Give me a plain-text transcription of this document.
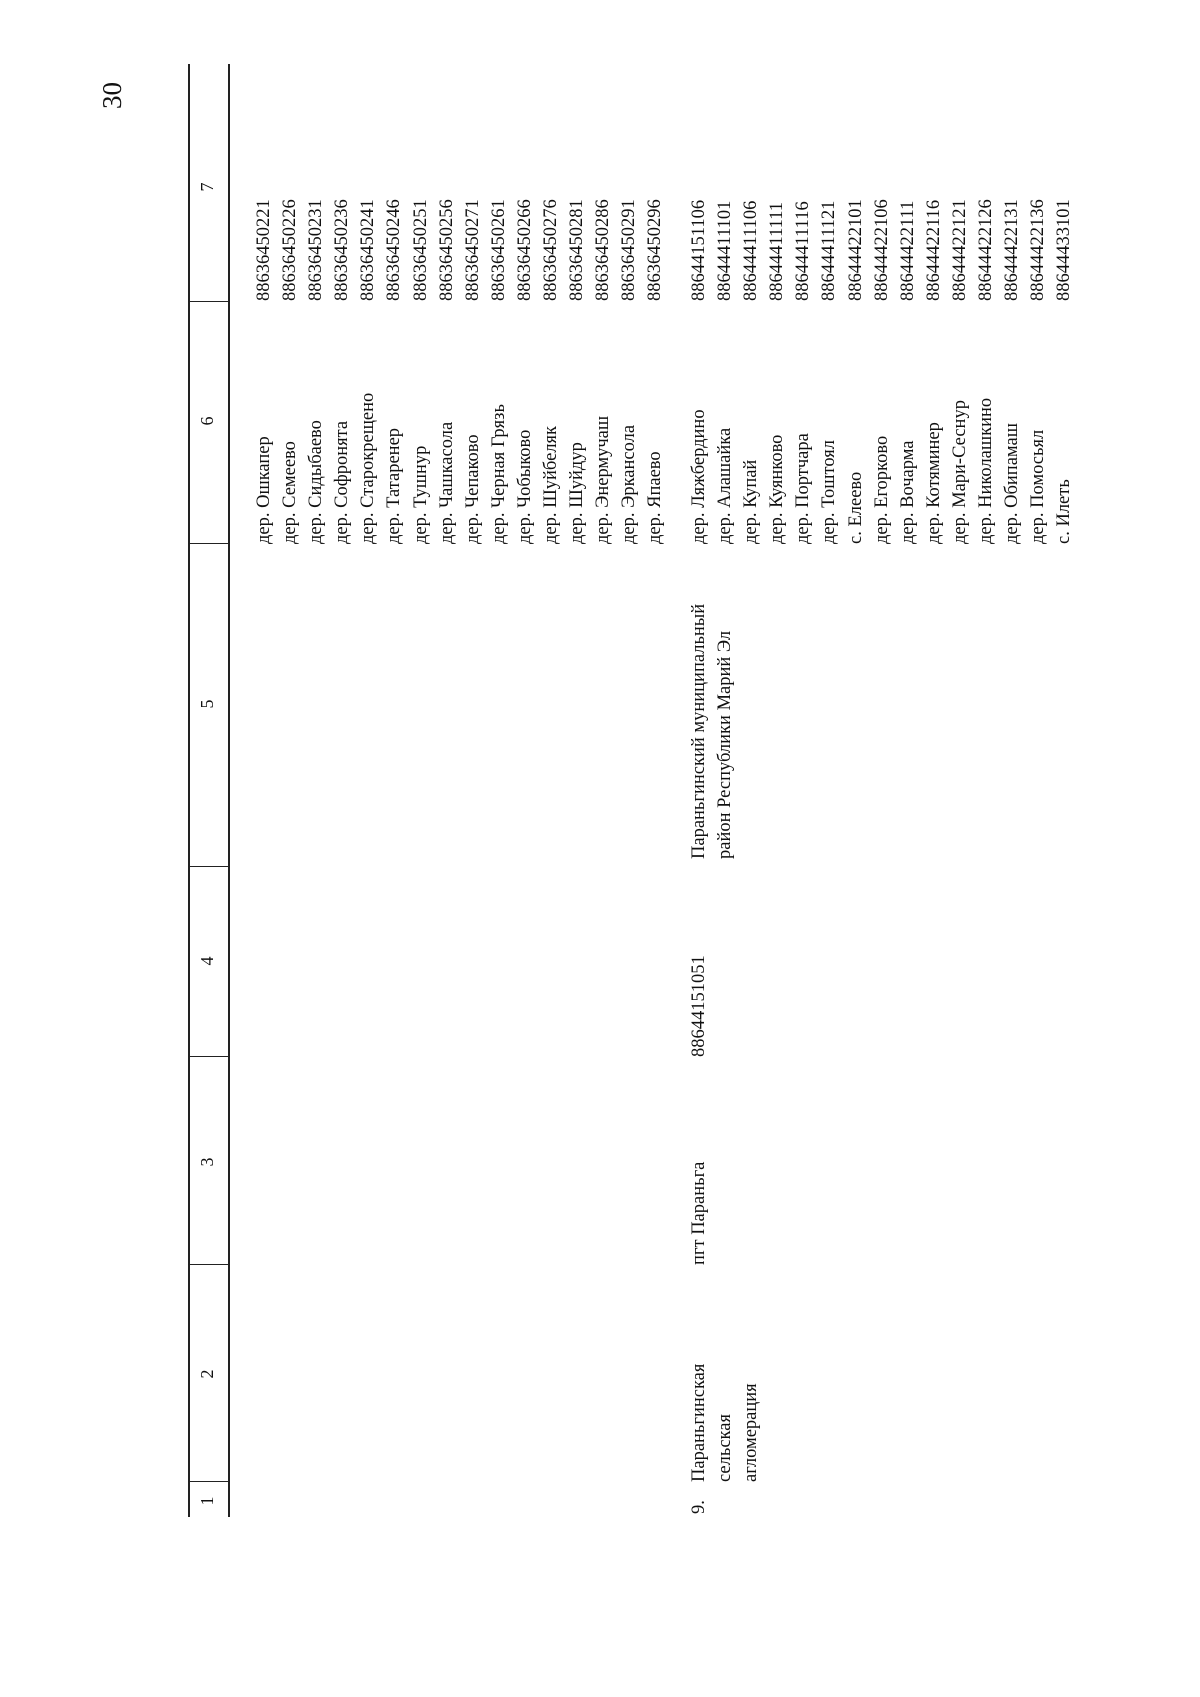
30
1
2
3
4
5
6
7
дер. Ошкапер дер. Семеево дер. Сидыбаево дер. Софронята дер. Старокрещено дер. Татаренер дер. Тушнур дер. Чашкасола дер. Чепаково дер. Черная Грязь дер. Чобыково дер. Шуйбеляк дер. Шуйдур дер. Энермучаш дер. Эркансола дер. Япаево
88636450221 88636450226 88636450231 88636450236 88636450241 88636450246 88636450251 88636450256 88636450271 88636450261 88636450266 88636450276 88636450281 88636450286 88636450291 88636450296
9.
Параньгинская сельская агломерация
пгт Параньга
88644151051
Параньгинский муниципальный район Республики Марий Эл
дер. Ляжбердино дер. Алашайка дер. Купай дер. Куянково дер. Портчара дер. Тоштоял с. Елеево дер. Егорково дер. Вочарма дер. Котяминер дер. Мари-Сеснур дер. Николашкино дер. Обипамаш дер. Помосьял с. Илеть
88644151106 88644411101 88644411106 88644411111 88644411116 88644411121 88644422101 88644422106 88644422111 88644422116 88644422121 88644422126 88644422131 88644422136 88644433101
